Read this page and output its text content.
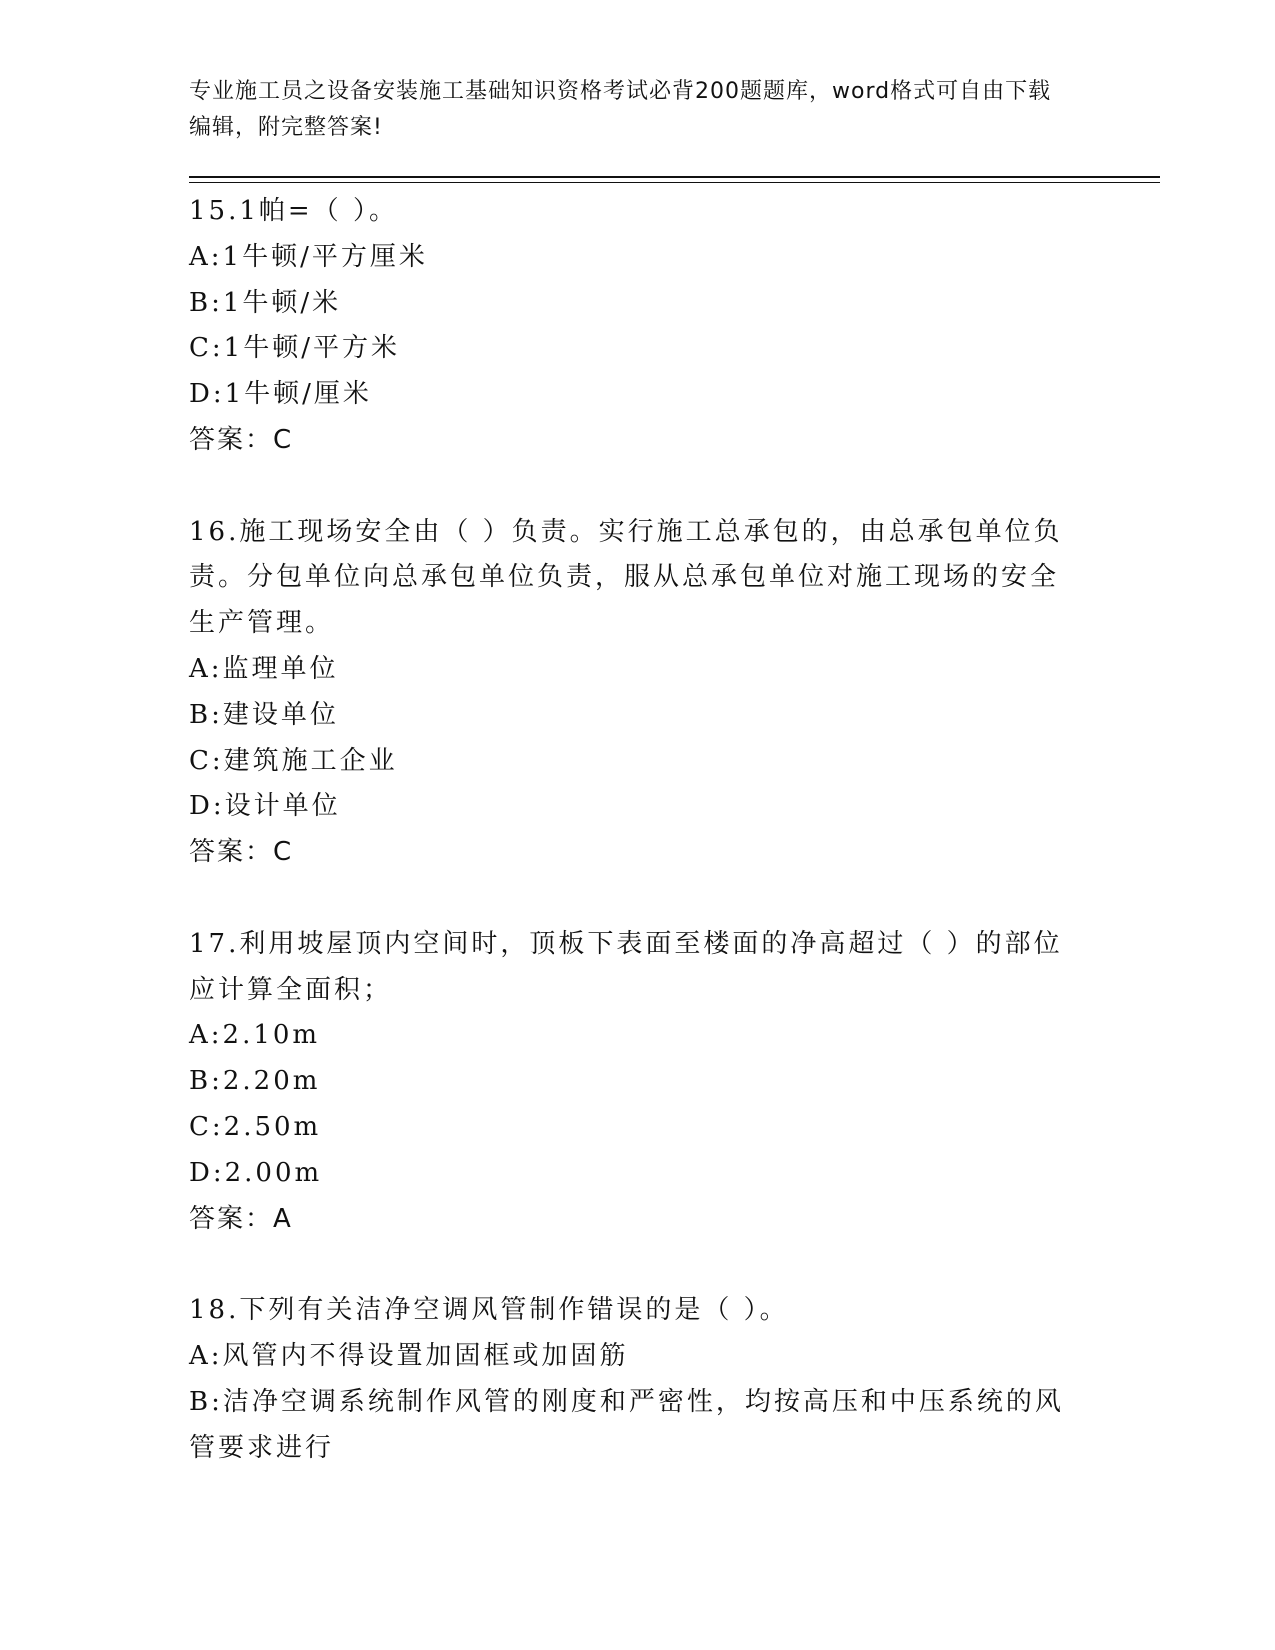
专业施工员之设备安装施工基础知识资格考试必背200题题库，word格式可自由下载编辑，附完整答案!

15.1帕=（ ）。

A:1牛顿/平方厘米

B:1牛顿/米

C:1牛顿/平方米

D:1牛顿/厘米

答案：C

16.施工现场安全由（ ）负责。实行施工总承包的，由总承包单位负责。分包单位向总承包单位负责，服从总承包单位对施工现场的安全生产管理。

A:监理单位

B:建设单位

C:建筑施工企业

D:设计单位

答案：C

17.利用坡屋顶内空间时，顶板下表面至楼面的净高超过（ ）的部位应计算全面积；

A:2.10m

B:2.20m

C:2.50m

D:2.00m

答案：A

18.下列有关洁净空调风管制作错误的是（ ）。

A:风管内不得设置加固框或加固筋

B:洁净空调系统制作风管的刚度和严密性，均按高压和中压系统的风管要求进行
